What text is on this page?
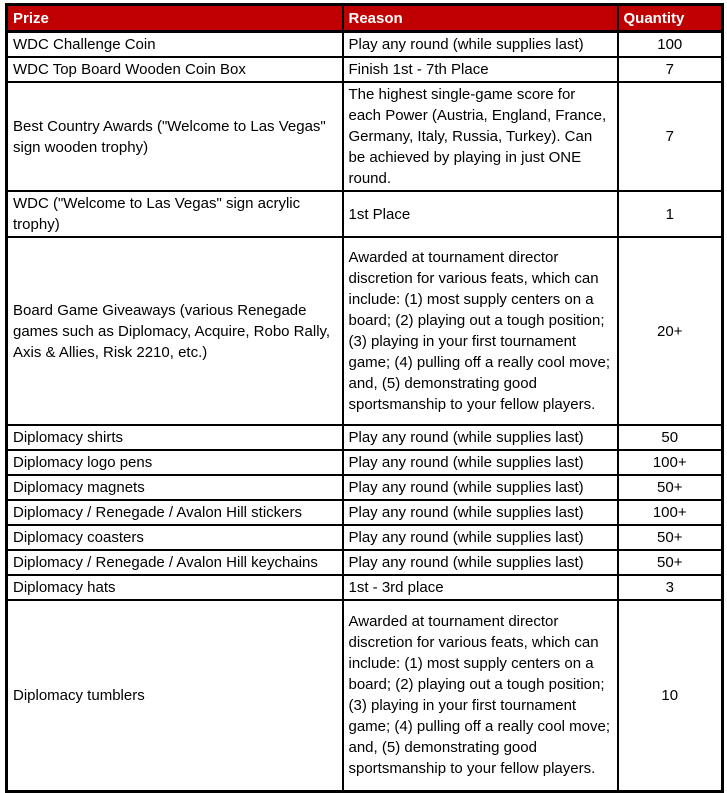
Prize	Reason	Quantity
WDC Challenge Coin	Play any round (while supplies last)	100
WDC Top Board Wooden Coin Box	Finish 1st - 7th Place	7
Best Country Awards ("Welcome to Las Vegas" sign wooden trophy)	The highest single-game score for each Power (Austria, England, France, Germany, Italy, Russia, Turkey). Can be achieved by playing in just ONE round.	7
WDC ("Welcome to Las Vegas" sign acrylic trophy)	1st Place	1
Board Game Giveaways (various Renegade games such as Diplomacy, Acquire, Robo Rally, Axis & Allies, Risk 2210, etc.)	Awarded at tournament director discretion for various feats, which can include: (1) most supply centers on a board; (2) playing out a tough position; (3) playing in your first tournament game; (4) pulling off a really cool move; and, (5) demonstrating good sportsmanship to your fellow players.	20+
Diplomacy shirts	Play any round (while supplies last)	50
Diplomacy logo pens	Play any round (while supplies last)	100+
Diplomacy magnets	Play any round (while supplies last)	50+
Diplomacy / Renegade / Avalon Hill stickers	Play any round (while supplies last)	100+
Diplomacy coasters	Play any round (while supplies last)	50+
Diplomacy / Renegade / Avalon Hill keychains	Play any round (while supplies last)	50+
Diplomacy hats	1st - 3rd place	3
Diplomacy tumblers	Awarded at tournament director discretion for various feats, which can include: (1) most supply centers on a board; (2) playing out a tough position; (3) playing in your first tournament game; (4) pulling off a really cool move; and, (5) demonstrating good sportsmanship to your fellow players.	10
